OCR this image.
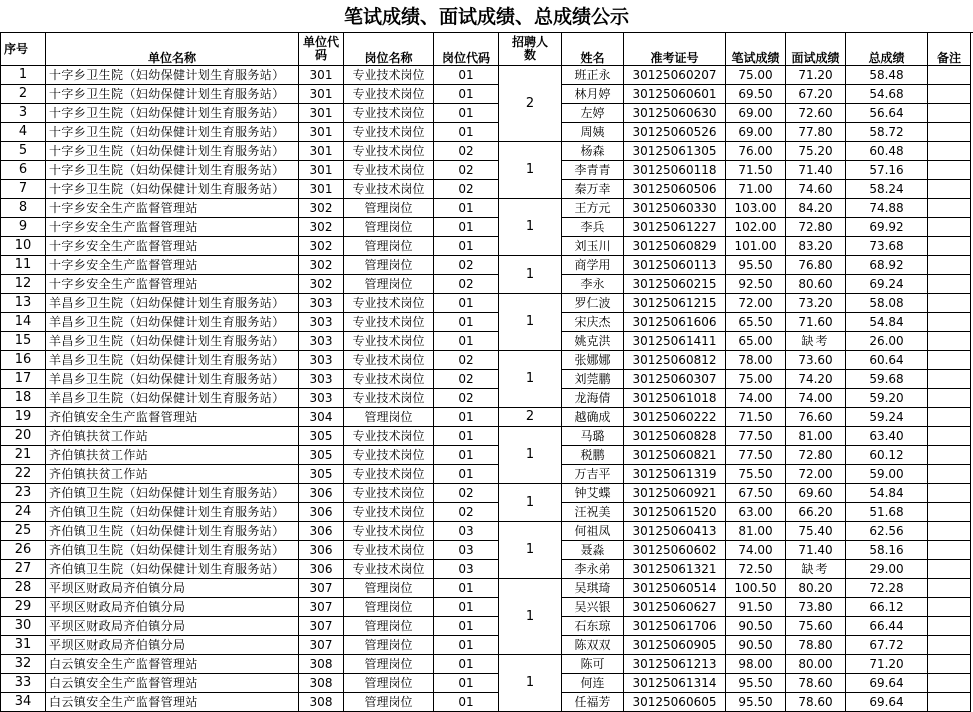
笔试成绩、面试成绩、总成绩公示
序号	单位名称	单位代码	岗位名称	岗位代码	招聘人数	姓名	准考证号	笔试成绩	面试成绩	总成绩	备注
1	十字乡卫生院（妇幼保健计划生育服务站）	301	专业技术岗位	01	2	班正永	30125060207	75.00	71.20	58.48	
2	十字乡卫生院（妇幼保健计划生育服务站）	301	专业技术岗位	01		林月婷	30125060601	69.50	67.20	54.68	
3	十字乡卫生院（妇幼保健计划生育服务站）	301	专业技术岗位	01		左婷	30125060630	69.00	72.60	56.64	
4	十字乡卫生院（妇幼保健计划生育服务站）	301	专业技术岗位	01		周姨	30125060526	69.00	77.80	58.72	
5	十字乡卫生院（妇幼保健计划生育服务站）	301	专业技术岗位	02	1	杨森	30125061305	76.00	75.20	60.48	
6	十字乡卫生院（妇幼保健计划生育服务站）	301	专业技术岗位	02		李青青	30125060118	71.50	71.40	57.16	
7	十字乡卫生院（妇幼保健计划生育服务站）	301	专业技术岗位	02		秦万幸	30125060506	71.00	74.60	58.24	
8	十字乡安全生产监督管理站	302	管理岗位	01	1	王方元	30125060330	103.00	84.20	74.88	
9	十字乡安全生产监督管理站	302	管理岗位	01		李兵	30125061227	102.00	72.80	69.92	
10	十字乡安全生产监督管理站	302	管理岗位	01		刘玉川	30125060829	101.00	83.20	73.68	
11	十字乡安全生产监督管理站	302	管理岗位	02	1	商学用	30125060113	95.50	76.80	68.92	
12	十字乡安全生产监督管理站	302	管理岗位	02		李永	30125060215	92.50	80.60	69.24	
13	羊昌乡卫生院（妇幼保健计划生育服务站）	303	专业技术岗位	01	1	罗仁波	30125061215	72.00	73.20	58.08	
14	羊昌乡卫生院（妇幼保健计划生育服务站）	303	专业技术岗位	01		宋庆杰	30125061606	65.50	71.60	54.84	
15	羊昌乡卫生院（妇幼保健计划生育服务站）	303	专业技术岗位	01		姚克洪	30125061411	65.00	缺考	26.00	
16	羊昌乡卫生院（妇幼保健计划生育服务站）	303	专业技术岗位	02	1	张娜娜	30125060812	78.00	73.60	60.64	
17	羊昌乡卫生院（妇幼保健计划生育服务站）	303	专业技术岗位	02		刘莞鹏	30125060307	75.00	74.20	59.68	
18	羊昌乡卫生院（妇幼保健计划生育服务站）	303	专业技术岗位	02		龙海倩	30125061018	74.00	74.00	59.20	
19	齐伯镇安全生产监督管理站	304	管理岗位	01	2	越确成	30125060222	71.50	76.60	59.24	
20	齐伯镇扶贫工作站	305	专业技术岗位	01	1	马璐	30125060828	77.50	81.00	63.40	
21	齐伯镇扶贫工作站	305	专业技术岗位	01		税鹏	30125060821	77.50	72.80	60.12	
22	齐伯镇扶贫工作站	305	专业技术岗位	01		万吉平	30125061319	75.50	72.00	59.00	
23	齐伯镇卫生院（妇幼保健计划生育服务站）	306	专业技术岗位	02	1	钟艾蝶	30125060921	67.50	69.60	54.84	
24	齐伯镇卫生院（妇幼保健计划生育服务站）	306	专业技术岗位	02		汪祝美	30125061520	63.00	66.20	51.68	
25	齐伯镇卫生院（妇幼保健计划生育服务站）	306	专业技术岗位	03	1	何祖凤	30125060413	81.00	75.40	62.56	
26	齐伯镇卫生院（妇幼保健计划生育服务站）	306	专业技术岗位	03		聂淼	30125060602	74.00	71.40	58.16	
27	齐伯镇卫生院（妇幼保健计划生育服务站）	306	专业技术岗位	03		李永弟	30125061321	72.50	缺考	29.00	
28	平坝区财政局齐伯镇分局	307	管理岗位	01	1	吴琪琦	30125060514	100.50	80.20	72.28	
29	平坝区财政局齐伯镇分局	307	管理岗位	01		吴兴银	30125060627	91.50	73.80	66.12	
30	平坝区财政局齐伯镇分局	307	管理岗位	01		石东琼	30125061706	90.50	75.60	66.44	
31	平坝区财政局齐伯镇分局	307	管理岗位	01		陈双双	30125060905	90.50	78.80	67.72	
32	白云镇安全生产监督管理站	308	管理岗位	01	1	陈可	30125061213	98.00	80.00	71.20	
33	白云镇安全生产监督管理站	308	管理岗位	01		何连	30125061314	95.50	78.60	69.64	
34	白云镇安全生产监督管理站	308	管理岗位	01		任福芳	30125060605	95.50	78.60	69.64	
